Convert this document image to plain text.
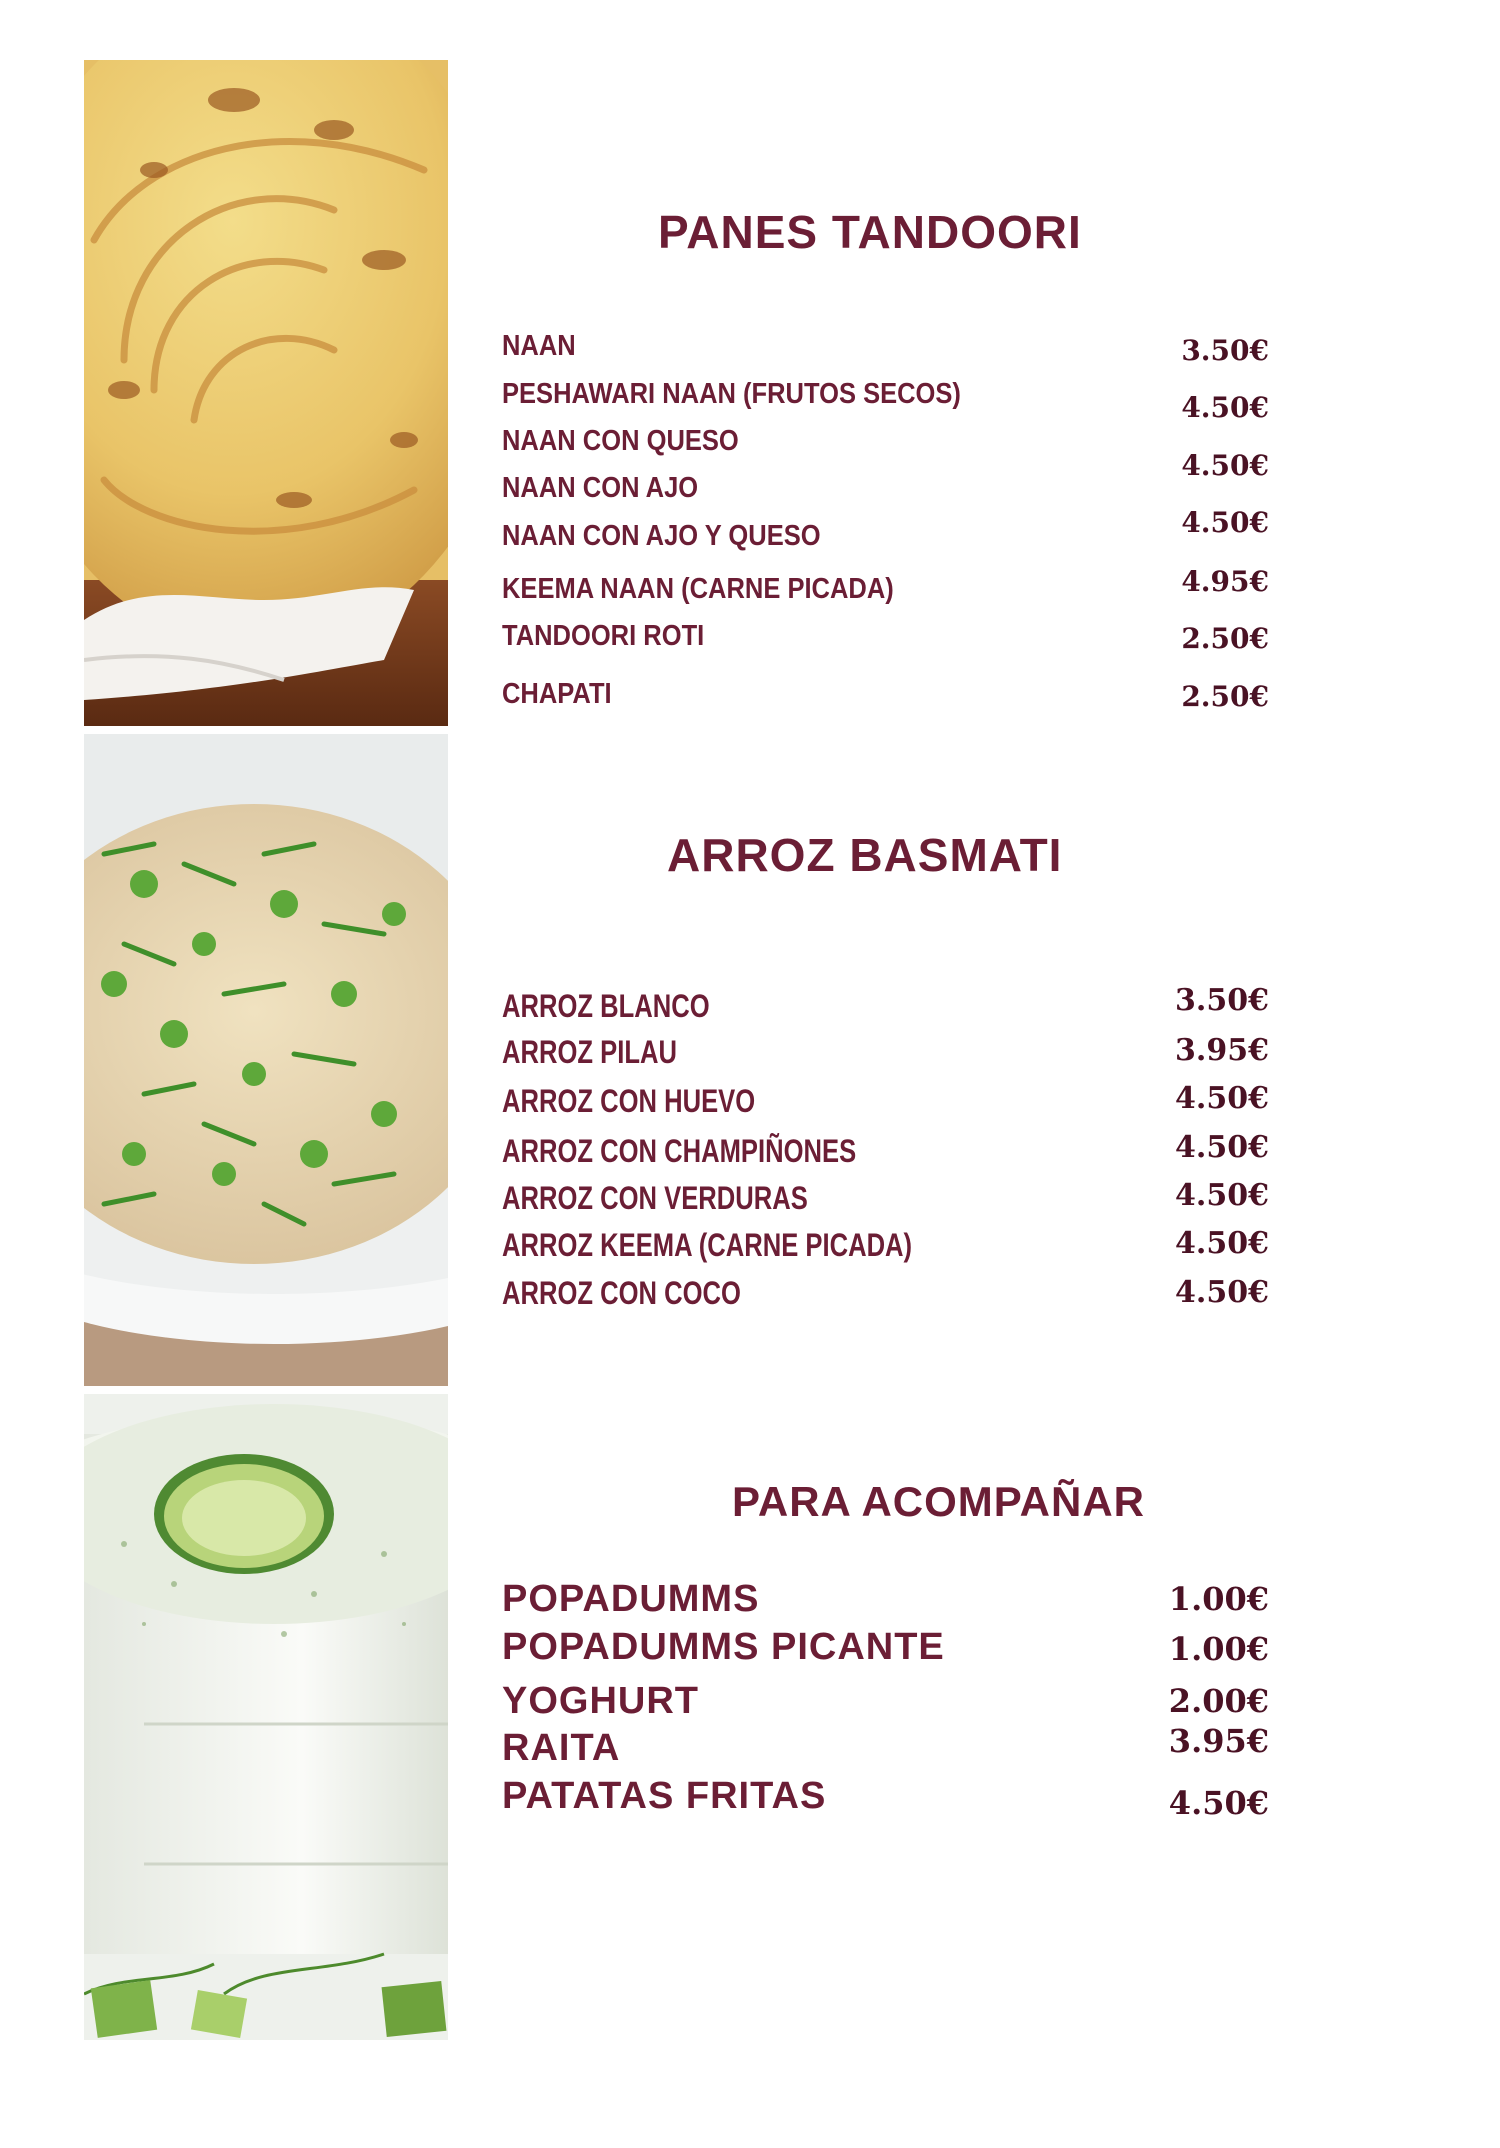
PANES TANDOORI
NAAN
PESHAWARI NAAN (FRUTOS SECOS)
NAAN CON QUESO
NAAN CON AJO
NAAN CON AJO Y QUESO
KEEMA NAAN (CARNE PICADA)
TANDOORI ROTI
CHAPATI
3.50€
4.50€
4.50€
4.50€
4.95€
2.50€
2.50€
ARROZ BASMATI
ARROZ BLANCO
ARROZ PILAU
ARROZ CON HUEVO
ARROZ CON CHAMPIÑONES
ARROZ CON VERDURAS
ARROZ KEEMA (CARNE PICADA)
ARROZ CON COCO
3.50€
3.95€
4.50€
4.50€
4.50€
4.50€
4.50€
PARA ACOMPAÑAR
POPADUMMS
POPADUMMS PICANTE
YOGHURT
RAITA
PATATAS FRITAS
1.00€
1.00€
2.00€
3.95€
4.50€
